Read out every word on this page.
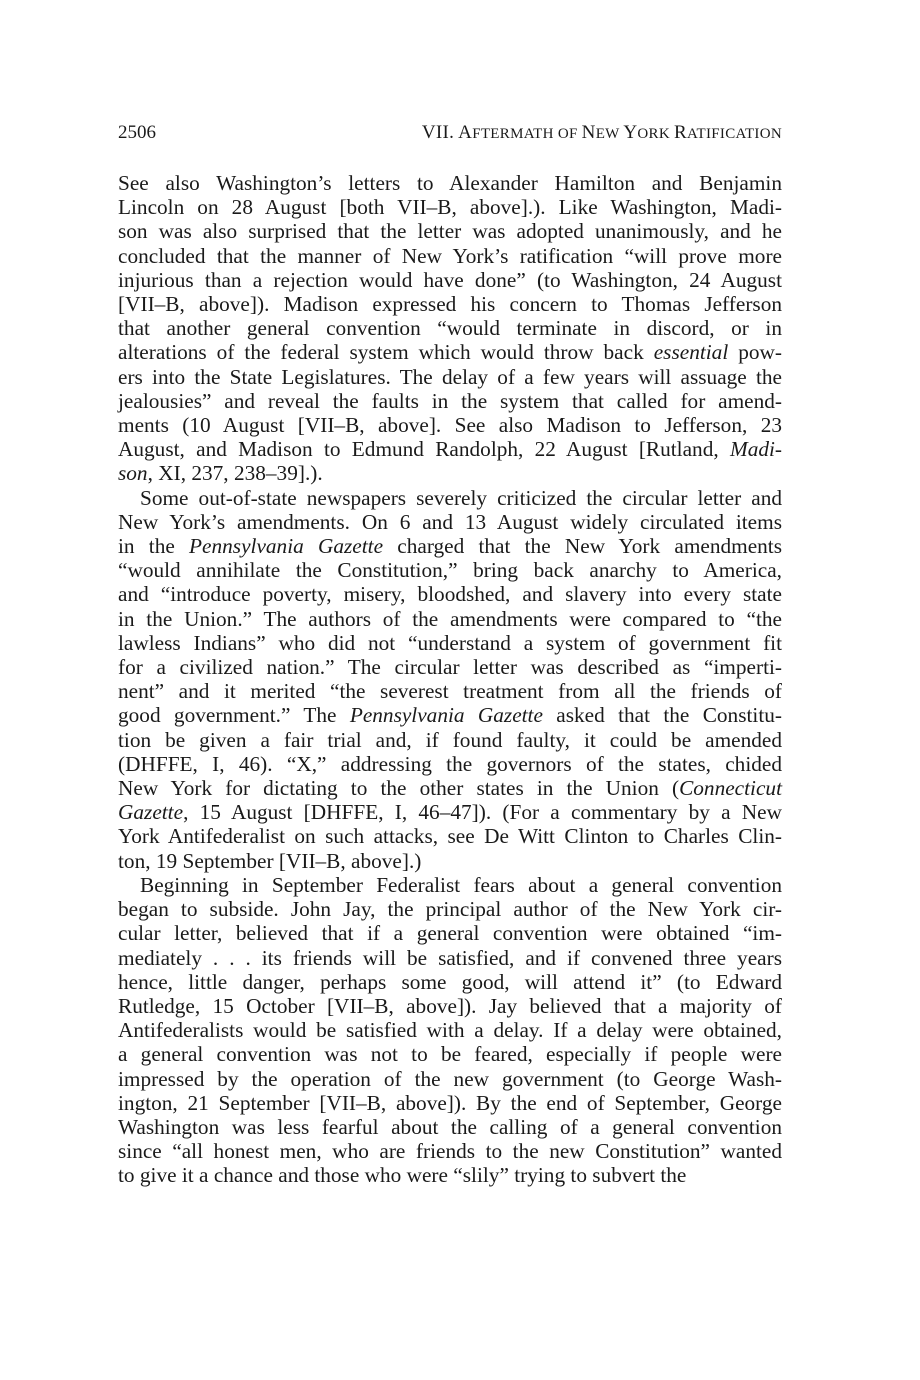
2506	VII. AFTERMATH OF NEW YORK RATIFICATION

See also Washington’s letters to Alexander Hamilton and Benjamin
Lincoln on 28 August [both VII–B, above].). Like Washington, Madi-
son was also surprised that the letter was adopted unanimously, and he
concluded that the manner of New York’s ratification “will prove more
injurious than a rejection would have done” (to Washington, 24 August
[VII–B, above]). Madison expressed his concern to Thomas Jefferson
that another general convention “would terminate in discord, or in
alterations of the federal system which would throw back essential pow-
ers into the State Legislatures. The delay of a few years will assuage the
jealousies” and reveal the faults in the system that called for amend-
ments (10 August [VII–B, above]. See also Madison to Jefferson, 23
August, and Madison to Edmund Randolph, 22 August [Rutland, Madi-
son, XI, 237, 238–39].).

Some out-of-state newspapers severely criticized the circular letter and
New York’s amendments. On 6 and 13 August widely circulated items
in the Pennsylvania Gazette charged that the New York amendments
“would annihilate the Constitution,” bring back anarchy to America,
and “introduce poverty, misery, bloodshed, and slavery into every state
in the Union.” The authors of the amendments were compared to “the
lawless Indians” who did not “understand a system of government fit
for a civilized nation.” The circular letter was described as “imperti-
nent” and it merited “the severest treatment from all the friends of
good government.” The Pennsylvania Gazette asked that the Constitu-
tion be given a fair trial and, if found faulty, it could be amended
(DHFFE, I, 46). “X,” addressing the governors of the states, chided
New York for dictating to the other states in the Union (Connecticut
Gazette, 15 August [DHFFE, I, 46–47]). (For a commentary by a New
York Antifederalist on such attacks, see De Witt Clinton to Charles Clin-
ton, 19 September [VII–B, above].)

Beginning in September Federalist fears about a general convention
began to subside. John Jay, the principal author of the New York cir-
cular letter, believed that if a general convention were obtained “im-
mediately . . . its friends will be satisfied, and if convened three years
hence, little danger, perhaps some good, will attend it” (to Edward
Rutledge, 15 October [VII–B, above]). Jay believed that a majority of
Antifederalists would be satisfied with a delay. If a delay were obtained,
a general convention was not to be feared, especially if people were
impressed by the operation of the new government (to George Wash-
ington, 21 September [VII–B, above]). By the end of September, George
Washington was less fearful about the calling of a general convention
since “all honest men, who are friends to the new Constitution” wanted
to give it a chance and those who were “slily” trying to subvert the
